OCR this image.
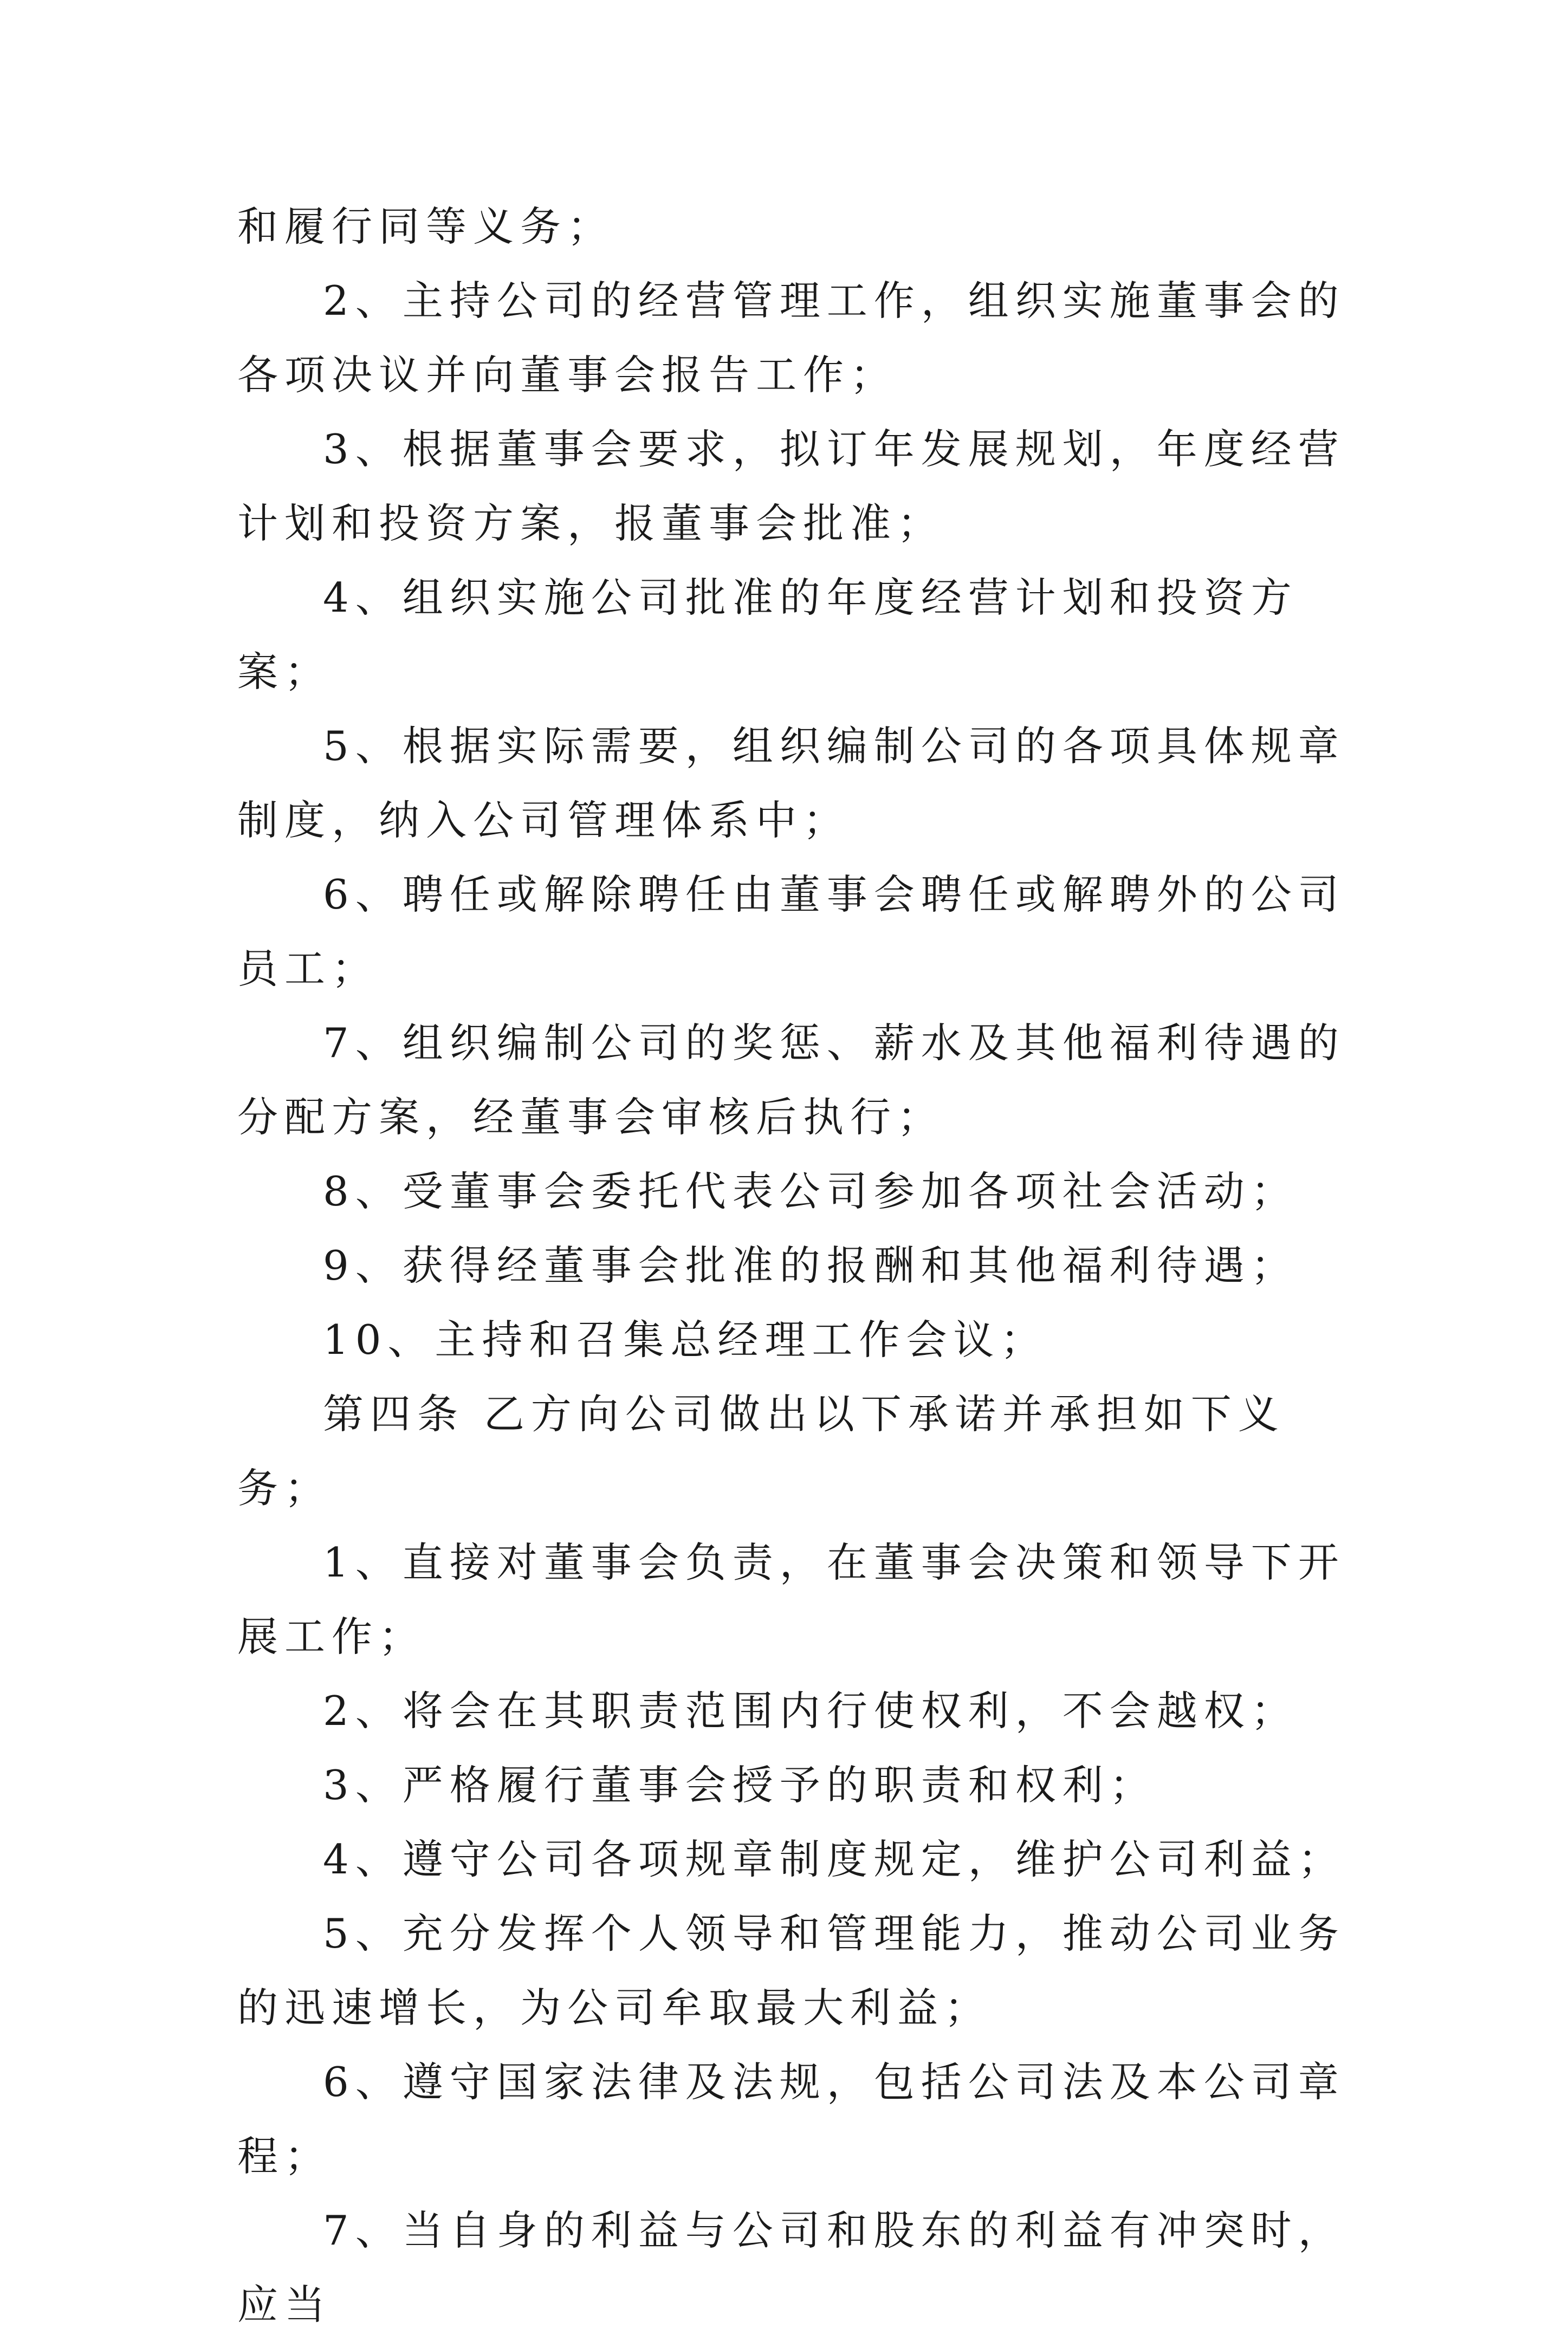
和履行同等义务；

2、主持公司的经营管理工作，组织实施董事会的各项决议并向董事会报告工作；

3、根据董事会要求，拟订年发展规划，年度经营计划和投资方案，报董事会批准；

4、组织实施公司批准的年度经营计划和投资方案；

5、根据实际需要，组织编制公司的各项具体规章制度，纳入公司管理体系中；

6、聘任或解除聘任由董事会聘任或解聘外的公司员工；

7、组织编制公司的奖惩、薪水及其他福利待遇的分配方案，经董事会审核后执行；

8、受董事会委托代表公司参加各项社会活动；

9、获得经董事会批准的报酬和其他福利待遇；

10、主持和召集总经理工作会议；

第四条 乙方向公司做出以下承诺并承担如下义务；

1、直接对董事会负责，在董事会决策和领导下开展工作；

2、将会在其职责范围内行使权利，不会越权；

3、严格履行董事会授予的职责和权利；

4、遵守公司各项规章制度规定，维护公司利益；

5、充分发挥个人领导和管理能力，推动公司业务的迅速增长，为公司牟取最大利益；

6、遵守国家法律及法规，包括公司法及本公司章程；

7、当自身的利益与公司和股东的利益有冲突时，应当
